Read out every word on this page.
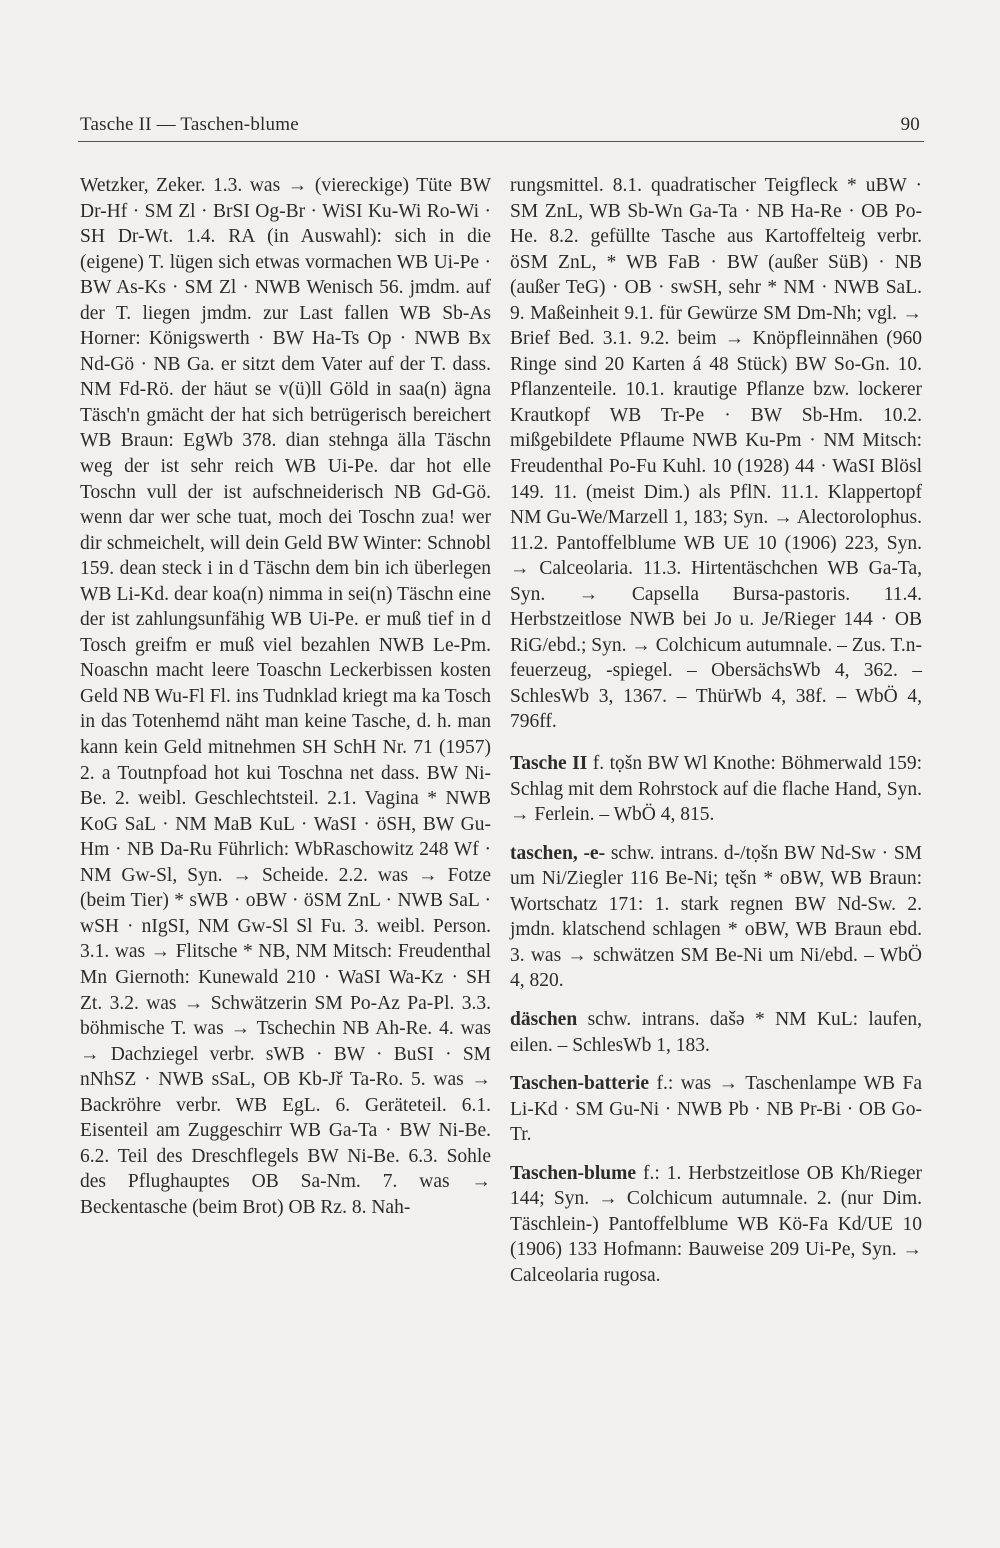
Tasche II — Taschen-blume	90

Wetzker, Zeker. 1.3. was → (viereckige) Tüte BW Dr-Hf · SM Zl · BrSI Og-Br · WiSI Ku-Wi Ro-Wi · SH Dr-Wt. 1.4. RA (in Auswahl): sich in die (eigene) T. lügen sich etwas vormachen WB Ui-Pe · BW As-Ks · SM Zl · NWB Wenisch 56. jmdm. auf der T. liegen jmdm. zur Last fallen WB Sb-As Horner: Königswerth · BW Ha-Ts Op · NWB Bx Nd-Gö · NB Ga. er sitzt dem Vater auf der T. dass. NM Fd-Rö. der häut se v(ü)ll Göld in saa(n) ägna Täsch'n gmächt der hat sich betrügerisch bereichert WB Braun: EgWb 378. dian stehnga älla Täschn weg der ist sehr reich WB Ui-Pe. dar hot elle Toschn vull der ist aufschneiderisch NB Gd-Gö. wenn dar wer sche tuat, moch dei Toschn zua! wer dir schmeichelt, will dein Geld BW Winter: Schnobl 159. dean steck i in d Täschn dem bin ich überlegen WB Li-Kd. dear koa(n) nimma in sei(n) Täschn eine der ist zahlungsunfähig WB Ui-Pe. er muß tief in d Tosch greifm er muß viel bezahlen NWB Le-Pm. Noaschn macht leere Toaschn Leckerbissen kosten Geld NB Wu-Fl Fl. ins Tudnklad kriegt ma ka Tosch in das Totenhemd näht man keine Tasche, d. h. man kann kein Geld mitnehmen SH SchH Nr. 71 (1957) 2. a Toutnpfoad hot kui Toschna net dass. BW Ni-Be. 2. weibl. Geschlechtsteil. 2.1. Vagina * NWB KoG SaL · NM MaB KuL · WaSI · öSH, BW Gu-Hm · NB Da-Ru Führlich: WbRaschowitz 248 Wf · NM Gw-Sl, Syn. → Scheide. 2.2. was → Fotze (beim Tier) * sWB · oBW · öSM ZnL · NWB SaL · wSH · nIgSI, NM Gw-Sl Sl Fu. 3. weibl. Person. 3.1. was → Flitsche * NB, NM Mitsch: Freudenthal Mn Giernoth: Kunewald 210 · WaSI Wa-Kz · SH Zt. 3.2. was → Schwätzerin SM Po-Az Pa-Pl. 3.3. böhmische T. was → Tschechin NB Ah-Re. 4. was → Dachziegel verbr. sWB · BW · BuSI · SM nNhSZ · NWB sSaL, OB Kb-Jř Ta-Ro. 5. was → Backröhre verbr. WB EgL. 6. Geräteteil. 6.1. Eisenteil am Zuggeschirr WB Ga-Ta · BW Ni-Be. 6.2. Teil des Dreschflegels BW Ni-Be. 6.3. Sohle des Pflughauptes OB Sa-Nm. 7. was → Beckentasche (beim Brot) OB Rz. 8. Nah-

rungsmittel. 8.1. quadratischer Teigfleck * uBW · SM ZnL, WB Sb-Wn Ga-Ta · NB Ha-Re · OB Po-He. 8.2. gefüllte Tasche aus Kartoffelteig verbr. öSM ZnL, * WB FaB · BW (außer SüB) · NB (außer TeG) · OB · swSH, sehr * NM · NWB SaL. 9. Maßeinheit 9.1. für Gewürze SM Dm-Nh; vgl. → Brief Bed. 3.1. 9.2. beim → Knöpfleinnähen (960 Ringe sind 20 Karten á 48 Stück) BW So-Gn. 10. Pflanzenteile. 10.1. krautige Pflanze bzw. lockerer Krautkopf WB Tr-Pe · BW Sb-Hm. 10.2. mißgebildete Pflaume NWB Ku-Pm · NM Mitsch: Freudenthal Po-Fu Kuhl. 10 (1928) 44 · WaSI Blösl 149. 11. (meist Dim.) als PflN. 11.1. Klappertopf NM Gu-We/Marzell 1, 183; Syn. → Alectorolophus. 11.2. Pantoffelblume WB UE 10 (1906) 223, Syn. → Calceolaria. 11.3. Hirtentäschchen WB Ga-Ta, Syn. → Capsella Bursa-pastoris. 11.4. Herbstzeitlose NWB bei Jo u. Je/Rieger 144 · OB RiG/ebd.; Syn. → Colchicum autumnale. – Zus. T.n-feuerzeug, -spiegel. – ObersächsWb 4, 362. – SchlesWb 3, 1367. – ThürWb 4, 38f. – WbÖ 4, 796ff.

Tasche II f. tọšn BW Wl Knothe: Böhmerwald 159: Schlag mit dem Rohrstock auf die flache Hand, Syn. → Ferlein. – WbÖ 4, 815.

taschen, -e- schw. intrans. d-/tọšn BW Nd-Sw · SM um Ni/Ziegler 116 Be-Ni; tęšn * oBW, WB Braun: Wortschatz 171: 1. stark regnen BW Nd-Sw. 2. jmdn. klatschend schlagen * oBW, WB Braun ebd. 3. was → schwätzen SM Be-Ni um Ni/ebd. – WbÖ 4, 820.

däschen schw. intrans. dašə * NM KuL: laufen, eilen. – SchlesWb 1, 183.

Taschen-batterie f.: was → Taschenlampe WB Fa Li-Kd · SM Gu-Ni · NWB Pb · NB Pr-Bi · OB Go-Tr.

Taschen-blume f.: 1. Herbstzeitlose OB Kh/Rieger 144; Syn. → Colchicum autumnale. 2. (nur Dim. Täschlein-) Pantoffelblume WB Kö-Fa Kd/UE 10 (1906) 133 Hofmann: Bauweise 209 Ui-Pe, Syn. → Calceolaria rugosa.
